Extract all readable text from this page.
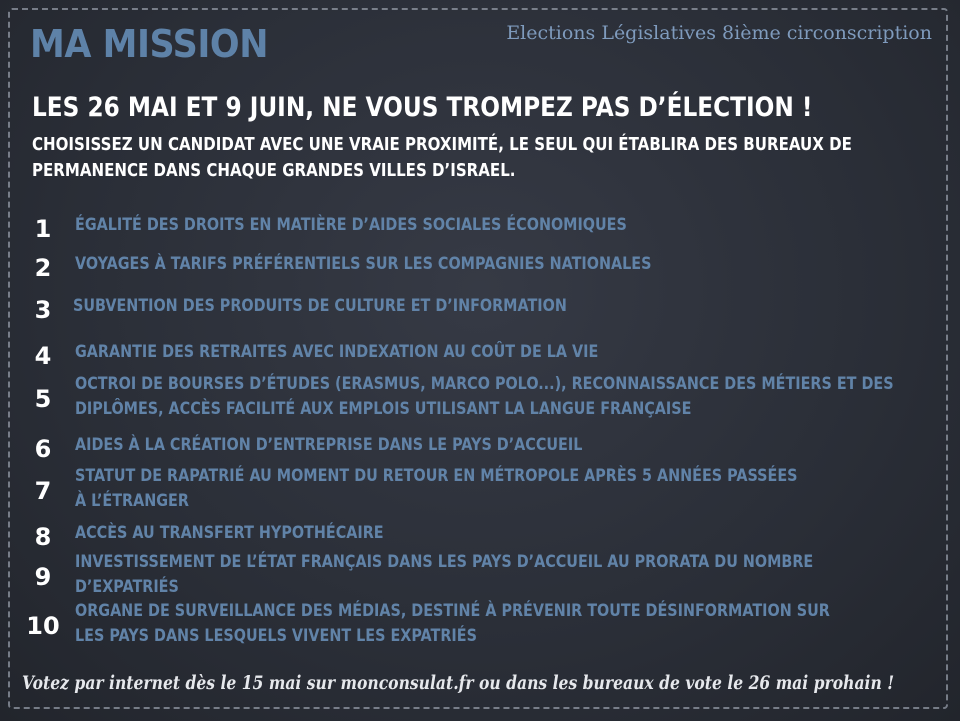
MA MISSION	Elections Législatives 8ième circonscription
LES 26 MAI ET 9 JUIN, NE VOUS TROMPEZ PAS D’ÉLECTION !
CHOISISSEZ UN CANDIDAT AVEC UNE VRAIE PROXIMITÉ, LE SEUL QUI ÉTABLIRA DES BUREAUX DE
PERMANENCE DANS CHAQUE GRANDES VILLES D’ISRAEL.
1	ÉGALITÉ DES DROITS EN MATIÈRE D’AIDES SOCIALES ÉCONOMIQUES
2	VOYAGES À TARIFS PRÉFÉRENTIELS SUR LES COMPAGNIES NATIONALES
3	SUBVENTION DES PRODUITS DE CULTURE ET D’INFORMATION
4	GARANTIE DES RETRAITES AVEC INDEXATION AU COÛT DE LA VIE
5
OCTROI DE BOURSES D’ÉTUDES (ERASMUS, MARCO POLO...), RECONNAISSANCE DES MÉTIERS ET DES
DIPLÔMES, ACCÈS FACILITÉ AUX EMPLOIS UTILISANT LA LANGUE FRANÇAISE
6	AIDES À LA CRÉATION D’ENTREPRISE DANS LE PAYS D’ACCUEIL
7
STATUT DE RAPATRIÉ AU MOMENT DU RETOUR EN MÉTROPOLE APRÈS 5 ANNÉES PASSÉES
À L’ÉTRANGER
8	ACCÈS AU TRANSFERT HYPOTHÉCAIRE
9
INVESTISSEMENT DE L’ÉTAT FRANÇAIS DANS LES PAYS D’ACCUEIL AU PRORATA DU NOMBRE
D’EXPATRIÉS
10
ORGANE DE SURVEILLANCE DES MÉDIAS, DESTINÉ À PRÉVENIR TOUTE DÉSINFORMATION SUR
LES PAYS DANS LESQUELS VIVENT LES EXPATRIÉS
Votez par internet dès le 15 mai sur monconsulat.fr ou dans les bureaux de vote le 26 mai prohain !
